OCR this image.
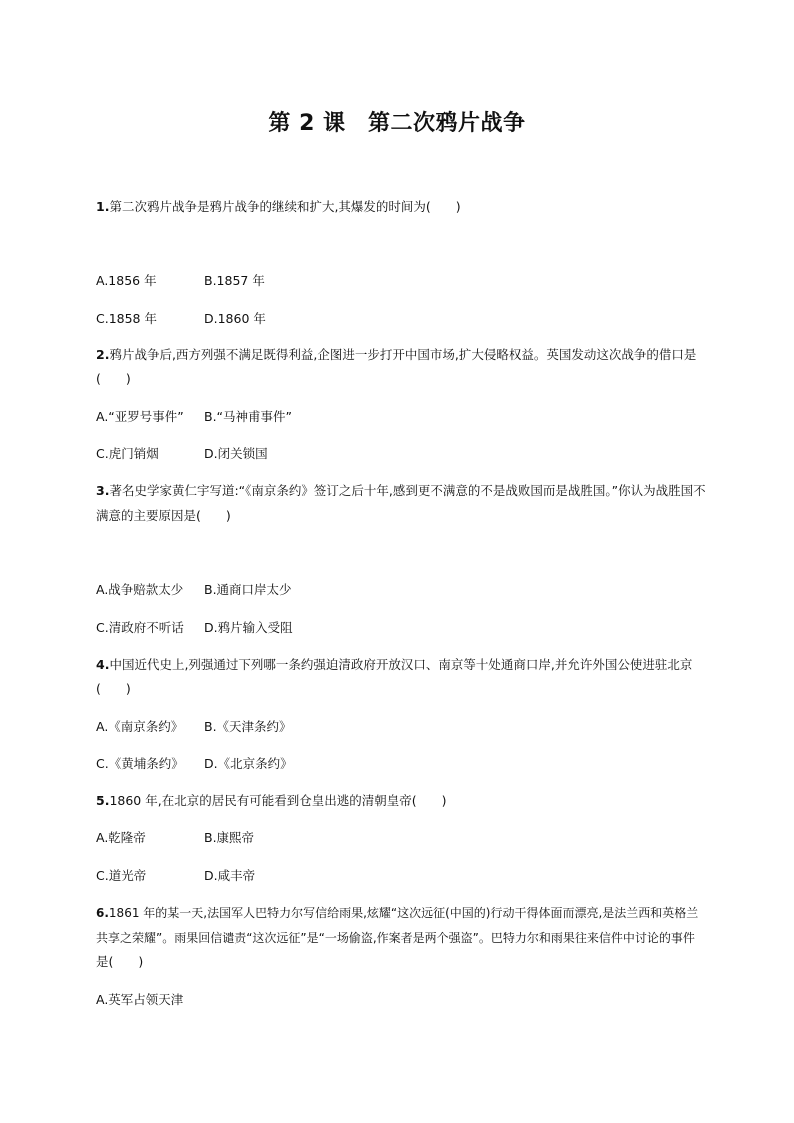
第 2 课　第二次鸦片战争
1.第二次鸦片战争是鸦片战争的继续和扩大,其爆发的时间为(　　)
A.1856 年	B.1857 年
C.1858 年	D.1860 年
2.鸦片战争后,西方列强不满足既得利益,企图进一步打开中国市场,扩大侵略权益。英国发动这次战争的借口是
(　　)
A.“亚罗号事件” B.“马神甫事件”
C.虎门销烟	D.闭关锁国
3.著名史学家黄仁宇写道:“《南京条约》签订之后十年,感到更不满意的不是战败国而是战胜国。”你认为战胜国不
满意的主要原因是(　　)
A.战争赔款太少 B.通商口岸太少
C.清政府不听话 D.鸦片输入受阻
4.中国近代史上,列强通过下列哪一条约强迫清政府开放汉口、南京等十处通商口岸,并允许外国公使进驻北京
(　　)
A.《南京条约》 B.《天津条约》
C.《黄埔条约》 D.《北京条约》
5.1860 年,在北京的居民有可能看到仓皇出逃的清朝皇帝(　　)
A.乾隆帝	B.康熙帝
C.道光帝	D.咸丰帝
6.1861 年的某一天,法国军人巴特力尔写信给雨果,炫耀“这次远征(中国的)行动干得体面而漂亮,是法兰西和英格兰
共享之荣耀”。雨果回信谴责“这次远征”是“一场偷盗,作案者是两个强盗”。巴特力尔和雨果往来信件中讨论的事件
是(　　)
A.英军占领天津
